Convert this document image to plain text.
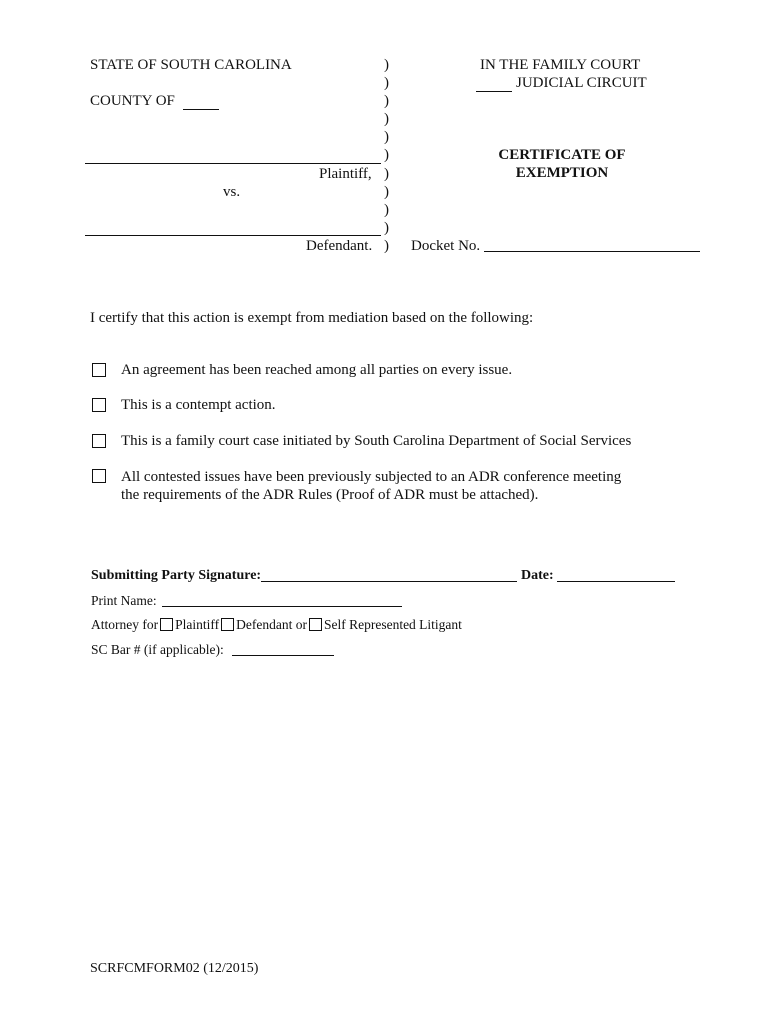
STATE OF SOUTH CAROLINA
COUNTY OF
Plaintiff,
vs.
Defendant.
)
)
)
)
)
)
)
)
)
)
)
IN THE FAMILY COURT
JUDICIAL CIRCUIT
CERTIFICATE OF
EXEMPTION
Docket No.
I certify that this action is exempt from mediation based on the following:
An agreement has been reached among all parties on every issue.
This is a contempt action.
This is a family court case initiated by South Carolina Department of Social Services
All contested issues have been previously subjected to an ADR conference meeting
the requirements of the ADR Rules (Proof of ADR must be attached).
Submitting Party Signature:	Date:
Print Name:
Attorney for Plaintiff Defendant or Self Represented Litigant
SC Bar # (if applicable):
SCRFCMFORM02 (12/2015)
